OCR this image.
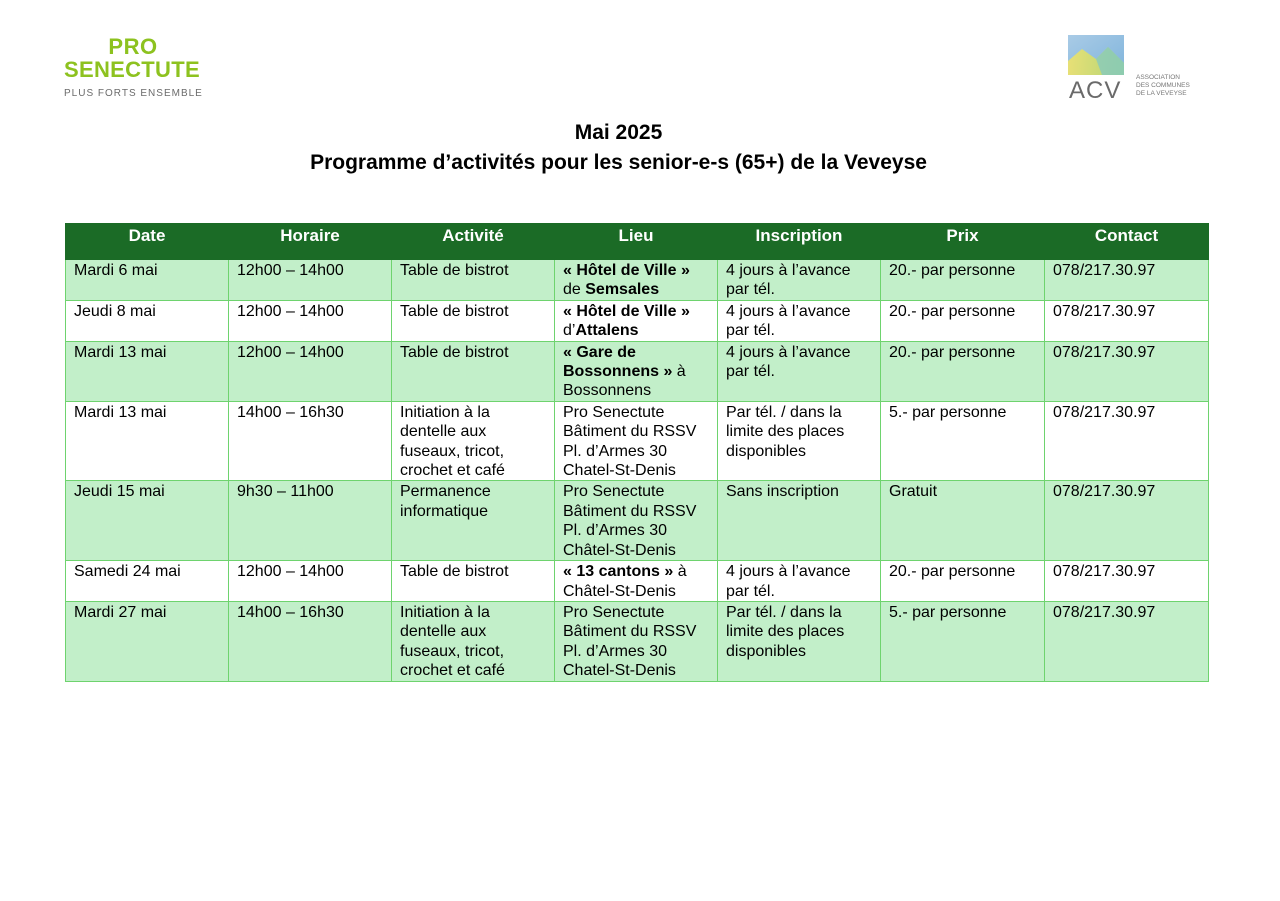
PRO
SENECTUTE
PLUS FORTS ENSEMBLE	ACV ASSOCIATION
DES COMMUNES
DE LA VEVEYSE
Mai 2025
Programme d’activités pour les senior-e-s (65+) de la Veveyse
Date	Horaire	Activité	Lieu	Inscription	Prix	Contact
Mardi 6 mai	12h00 – 14h00	Table de bistrot	« Hôtel de Ville »
de Semsales	4 jours à l’avance par tél.	20.- par personne	078/217.30.97
Jeudi 8 mai	12h00 – 14h00	Table de bistrot	« Hôtel de Ville »
d’Attalens	4 jours à l’avance par tél.	20.- par personne	078/217.30.97
Mardi 13 mai	12h00 – 14h00	Table de bistrot	« Gare de Bossonnens » à Bossonnens	4 jours à l’avance par tél.	20.- par personne	078/217.30.97
Mardi 13 mai	14h00 – 16h30	Initiation à la
dentelle aux
fuseaux, tricot,
crochet et café	Pro Senectute
Bâtiment du RSSV
Pl. d’Armes 30
Chatel-St-Denis	Par tél. / dans la
limite des places
disponibles	5.- par personne	078/217.30.97
Jeudi 15 mai	9h30 – 11h00	Permanence
informatique	Pro Senectute
Bâtiment du RSSV
Pl. d’Armes 30
Châtel-St-Denis	Sans inscription	Gratuit	078/217.30.97
Samedi 24 mai	12h00 – 14h00	Table de bistrot	« 13 cantons » à Châtel-St-Denis	4 jours à l’avance par tél.	20.- par personne	078/217.30.97
Mardi 27 mai	14h00 – 16h30	Initiation à la
dentelle aux
fuseaux, tricot,
crochet et café	Pro Senectute
Bâtiment du RSSV
Pl. d’Armes 30
Chatel-St-Denis	Par tél. / dans la
limite des places
disponibles	5.- par personne	078/217.30.97
